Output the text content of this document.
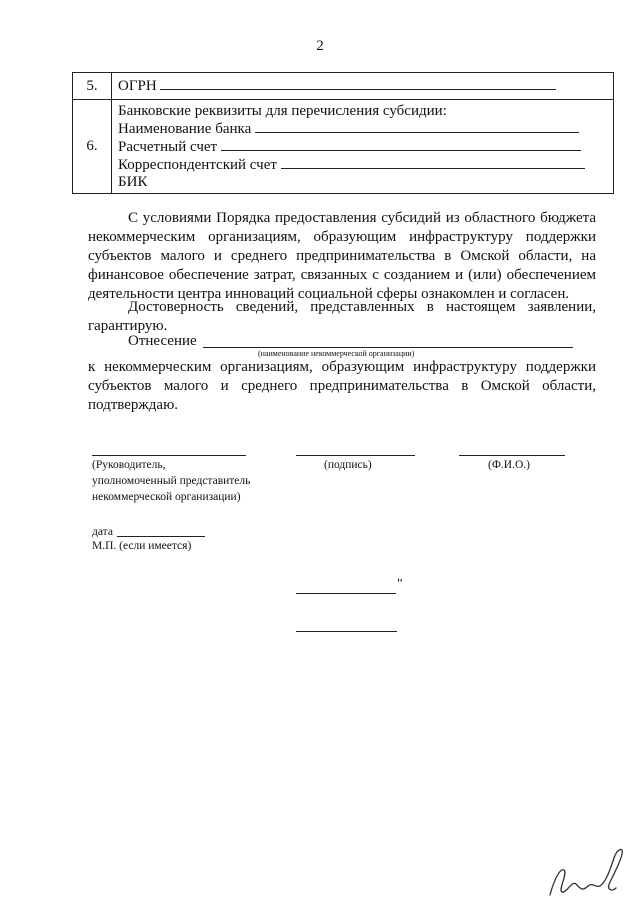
2
5.	ОГРН
6.	Банковские реквизиты для перечисления субсидии:
Наименование банка
Расчетный счет
Корреспондентский счет
БИК
С условиями Порядка предоставления субсидий из областного бюджета некоммерческим организациям, образующим инфраструктуру поддержки субъектов малого и среднего предпринимательства в Омской области, на финансовое обеспечение затрат, связанных с созданием и (или) обеспечением деятельности центра инноваций социальной сферы ознакомлен и согласен.
Достоверность сведений, представленных в настоящем заявлении, гарантирую.
Отнесение
(наименование некоммерческой организации)
к некоммерческим организациям, образующим инфраструктуру поддержки субъектов малого и среднего предпринимательства в Омской области, подтверждаю.
(Руководитель,
уполномоченный представитель
некоммерческой организации)
(подпись)	(Ф.И.О.)
дата
М.П. (если имеется)
"
